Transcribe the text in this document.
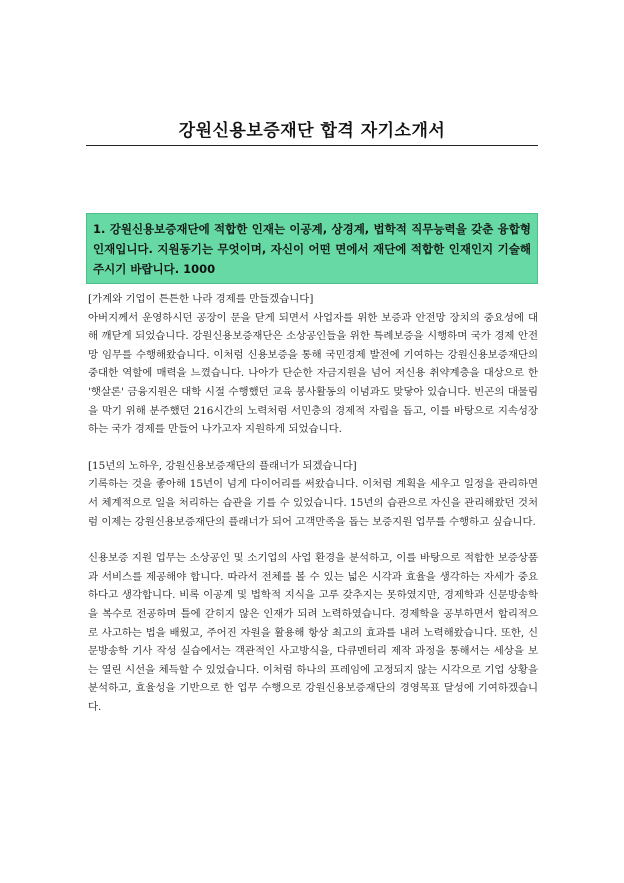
강원신용보증재단 합격 자기소개서
1. 강원신용보증재단에 적합한 인재는 이공계, 상경계, 법학적 직무능력을 갖춘 융합형 인재입니다. 지원동기는 무엇이며, 자신이 어떤 면에서 재단에 적합한 인재인지 기술해 주시기 바랍니다. 1000

[가계와 기업이 튼튼한 나라 경제를 만들겠습니다]

아버지께서 운영하시던 공장이 문을 닫게 되면서 사업자를 위한 보증과 안전망 장치의 중요성에 대해 깨닫게 되었습니다. 강원신용보증재단은 소상공인들을 위한 특례보증을 시행하며 국가 경제 안전망 임무를 수행해왔습니다. 이처럼 신용보증을 통해 국민경제 발전에 기여하는 강원신용보증재단의 중대한 역할에 매력을 느꼈습니다. 나아가 단순한 자금지원을 넘어 저신용 취약계층을 대상으로 한 '햇살론' 금융지원은 대학 시절 수행했던 교육 봉사활동의 이념과도 맞닿아 있습니다. 빈곤의 대물림을 막기 위해 분주했던 216시간의 노력처럼 서민층의 경제적 자립을 돕고, 이를 바탕으로 지속성장하는 국가 경제를 만들어 나가고자 지원하게 되었습니다.

[15년의 노하우, 강원신용보증재단의 플래너가 되겠습니다]

기록하는 것을 좋아해 15년이 넘게 다이어리를 써왔습니다. 이처럼 계획을 세우고 일정을 관리하면서 체계적으로 일을 처리하는 습관을 기를 수 있었습니다. 15년의 습관으로 자신을 관리해왔던 것처럼 이제는 강원신용보증재단의 플래너가 되어 고객만족을 돕는 보증지원 업무를 수행하고 싶습니다.

신용보증 지원 업무는 소상공인 및 소기업의 사업 환경을 분석하고, 이를 바탕으로 적합한 보증상품과 서비스를 제공해야 합니다. 따라서 전체를 볼 수 있는 넓은 시각과 효율을 생각하는 자세가 중요하다고 생각합니다. 비록 이공계 및 법학적 지식을 고루 갖추지는 못하였지만, 경제학과 신문방송학을 복수로 전공하며 틀에 갇히지 않은 인재가 되려 노력하였습니다. 경제학을 공부하면서 합리적으로 사고하는 법을 배웠고, 주어진 자원을 활용해 항상 최고의 효과를 내려 노력해왔습니다. 또한, 신문방송학 기사 작성 실습에서는 객관적인 사고방식을, 다큐멘터리 제작 과정을 통해서는 세상을 보는 열린 시선을 체득할 수 있었습니다. 이처럼 하나의 프레임에 고정되지 않는 시각으로 기업 상황을 분석하고, 효율성을 기반으로 한 업무 수행으로 강원신용보증재단의 경영목표 달성에 기여하겠습니다.
